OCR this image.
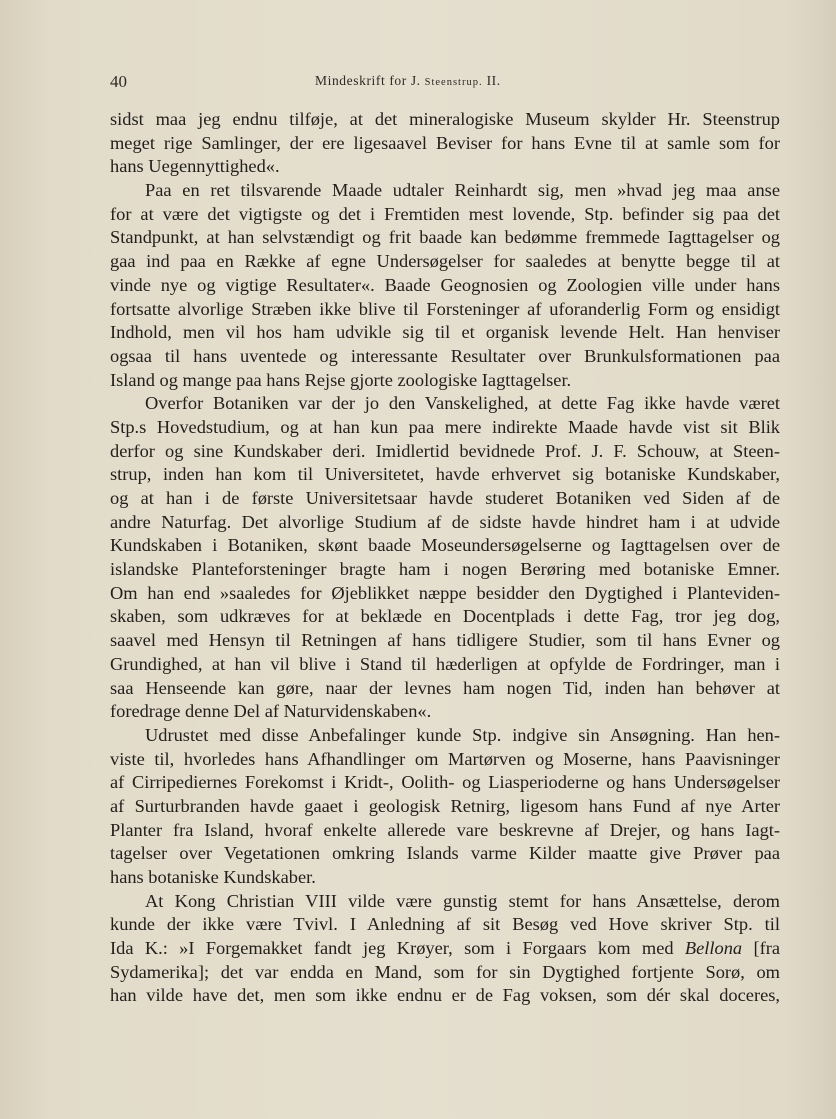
40	Mindeskrift for J. Steenstrup. II.
sidst maa jeg endnu tilføje, at det mineralogiske Museum skylder Hr. Steenstrup
meget rige Samlinger, der ere ligesaavel Beviser for hans Evne til at samle som for
hans Uegennyttighed«.
Paa en ret tilsvarende Maade udtaler Reinhardt sig, men »hvad jeg maa anse
for at være det vigtigste og det i Fremtiden mest lovende, Stp. befinder sig paa det
Standpunkt, at han selvstændigt og frit baade kan bedømme fremmede Iagttagelser og
gaa ind paa en Række af egne Undersøgelser for saaledes at benytte begge til at
vinde nye og vigtige Resultater«. Baade Geognosien og Zoologien ville under hans
fortsatte alvorlige Stræben ikke blive til Forsteninger af uforanderlig Form og ensidigt
Indhold, men vil hos ham udvikle sig til et organisk levende Helt. Han henviser
ogsaa til hans uventede og interessante Resultater over Brunkulsformationen paa
Island og mange paa hans Rejse gjorte zoologiske Iagttagelser.
Overfor Botaniken var der jo den Vanskelighed, at dette Fag ikke havde været
Stp.s Hovedstudium, og at han kun paa mere indirekte Maade havde vist sit Blik
derfor og sine Kundskaber deri. Imidlertid bevidnede Prof. J. F. Schouw, at Steen-
strup, inden han kom til Universitetet, havde erhvervet sig botaniske Kundskaber,
og at han i de første Universitetsaar havde studeret Botaniken ved Siden af de
andre Naturfag. Det alvorlige Studium af de sidste havde hindret ham i at udvide
Kundskaben i Botaniken, skønt baade Moseundersøgelserne og Iagttagelsen over de
islandske Planteforsteninger bragte ham i nogen Berøring med botaniske Emner.
Om han end »saaledes for Øjeblikket næppe besidder den Dygtighed i Planteviden-
skaben, som udkræves for at beklæde en Docentplads i dette Fag, tror jeg dog,
saavel med Hensyn til Retningen af hans tidligere Studier, som til hans Evner og
Grundighed, at han vil blive i Stand til hæderligen at opfylde de Fordringer, man i
saa Henseende kan gøre, naar der levnes ham nogen Tid, inden han behøver at
foredrage denne Del af Naturvidenskaben«.
Udrustet med disse Anbefalinger kunde Stp. indgive sin Ansøgning. Han hen-
viste til, hvorledes hans Afhandlinger om Martørven og Moserne, hans Paavisninger
af Cirripediernes Forekomst i Kridt-, Oolith- og Liasperioderne og hans Undersøgelser
af Surturbranden havde gaaet i geologisk Retnirg, ligesom hans Fund af nye Arter
Planter fra Island, hvoraf enkelte allerede vare beskrevne af Drejer, og hans Iagt-
tagelser over Vegetationen omkring Islands varme Kilder maatte give Prøver paa
hans botaniske Kundskaber.
At Kong Christian VIII vilde være gunstig stemt for hans Ansættelse, derom
kunde der ikke være Tvivl. I Anledning af sit Besøg ved Hove skriver Stp. til
Ida K.: »I Forgemakket fandt jeg Krøyer, som i Forgaars kom med Bellona [fra
Sydamerika]; det var endda en Mand, som for sin Dygtighed fortjente Sorø, om
han vilde have det, men som ikke endnu er de Fag voksen, som dér skal doceres,
